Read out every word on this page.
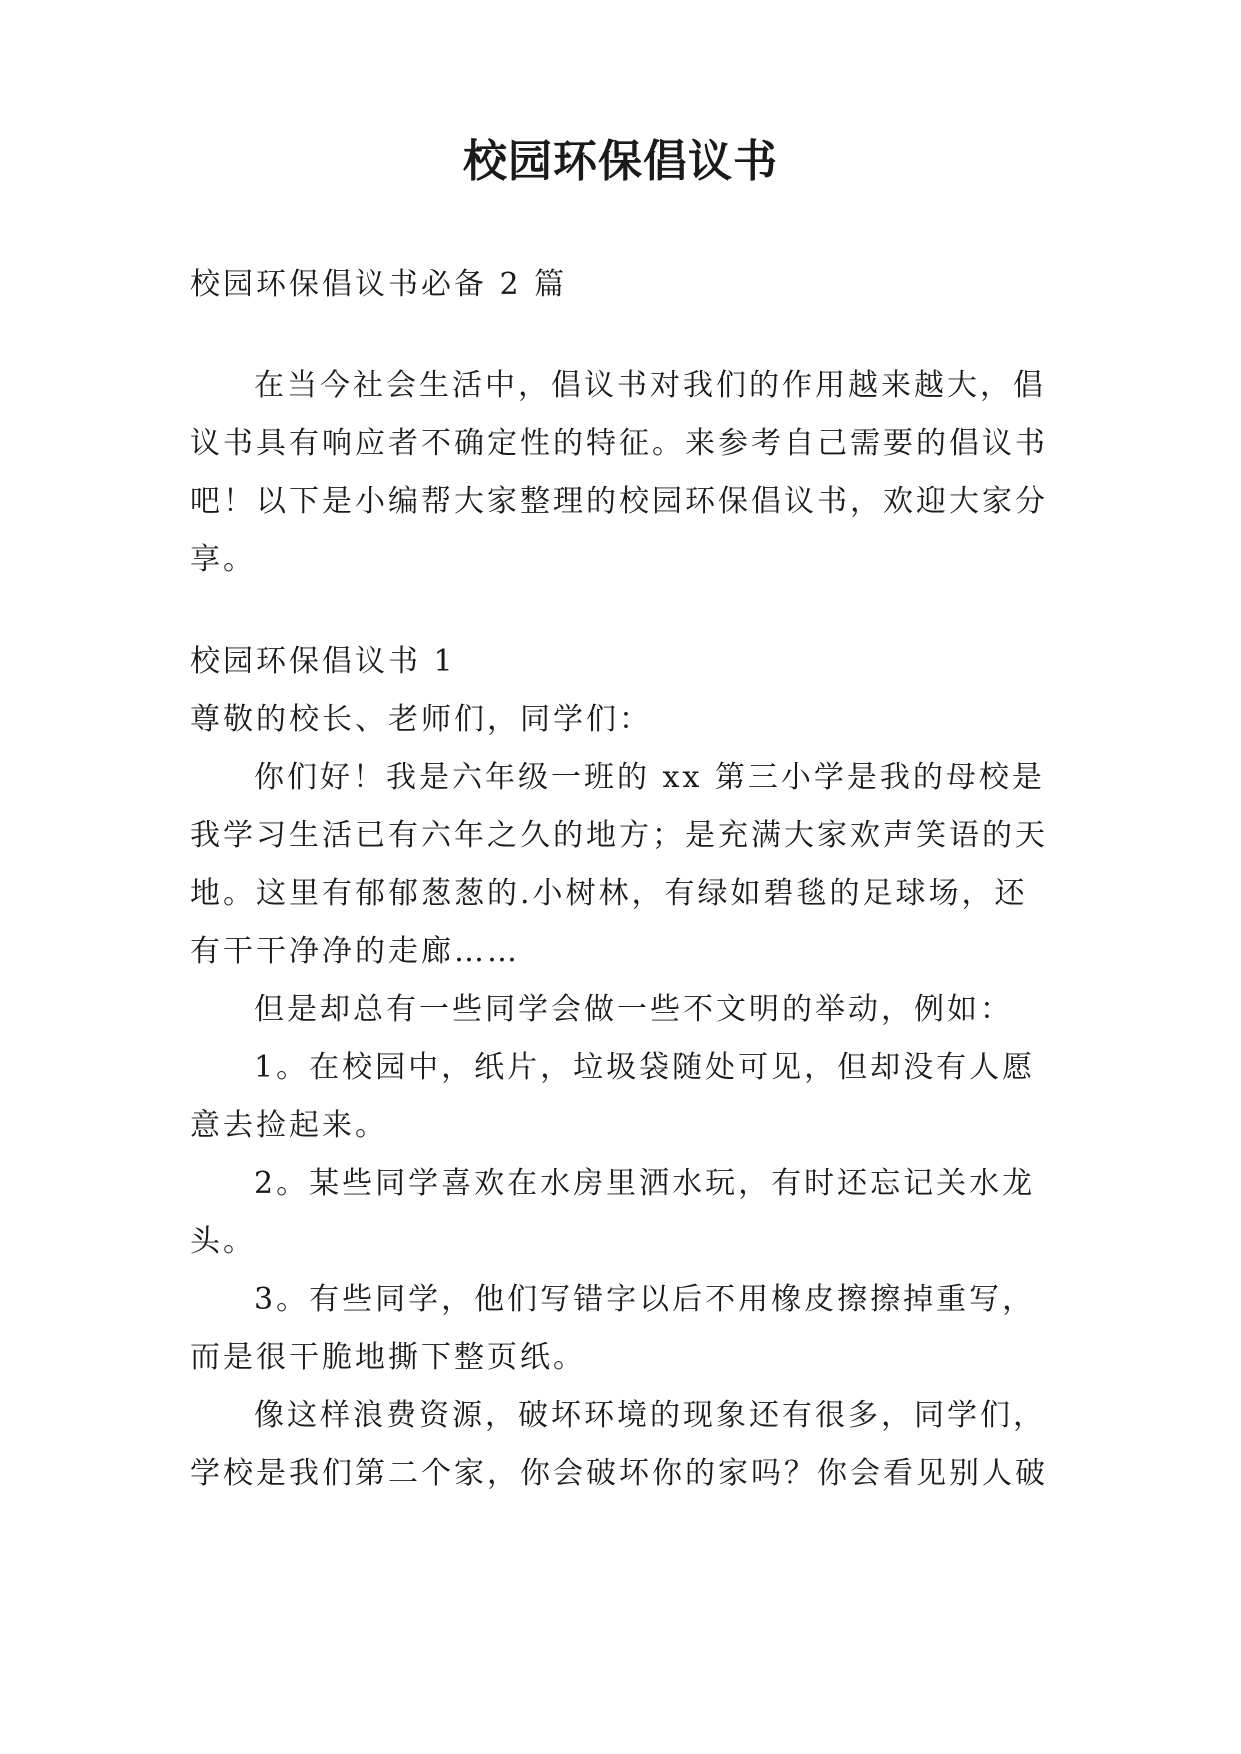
校园环保倡议书
校园环保倡议书必备 2 篇
在当今社会生活中，倡议书对我们的作用越来越大，倡
议书具有响应者不确定性的特征。来参考自己需要的倡议书
吧！以下是小编帮大家整理的校园环保倡议书，欢迎大家分
享。
校园环保倡议书 1
尊敬的校长、老师们，同学们：
你们好！我是六年级一班的 xx 第三小学是我的母校是
我学习生活已有六年之久的地方；是充满大家欢声笑语的天
地。这里有郁郁葱葱的.小树林，有绿如碧毯的足球场，还
有干干净净的走廊……
但是却总有一些同学会做一些不文明的举动，例如：
1。在校园中，纸片，垃圾袋随处可见，但却没有人愿
意去捡起来。
2。某些同学喜欢在水房里洒水玩，有时还忘记关水龙
头。
3。有些同学，他们写错字以后不用橡皮擦擦掉重写，
而是很干脆地撕下整页纸。
像这样浪费资源，破坏环境的现象还有很多，同学们，
学校是我们第二个家，你会破坏你的家吗？你会看见别人破
